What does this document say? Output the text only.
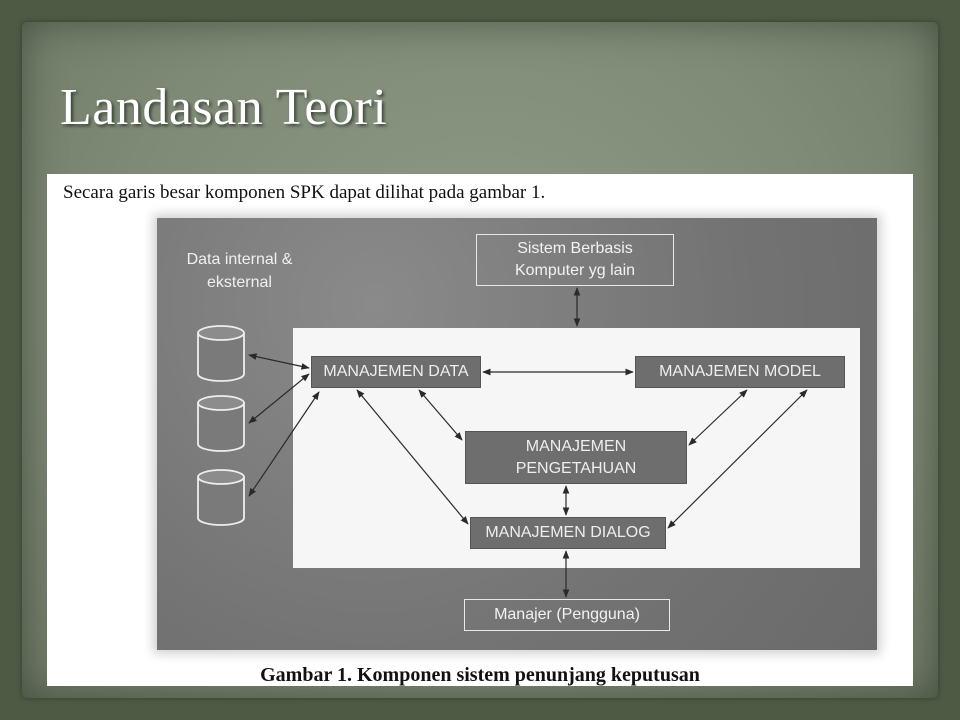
Landasan Teori

Secara garis besar komponen SPK dapat dilihat pada gambar 1.

Data internal & eksternal
Sistem Berbasis
Komputer yg lain
MANAJEMEN DATA	MANAJEMEN MODEL
MANAJEMEN
PENGETAHUAN
MANAJEMEN DIALOG
Manajer (Pengguna)

Gambar 1. Komponen sistem penunjang keputusan
